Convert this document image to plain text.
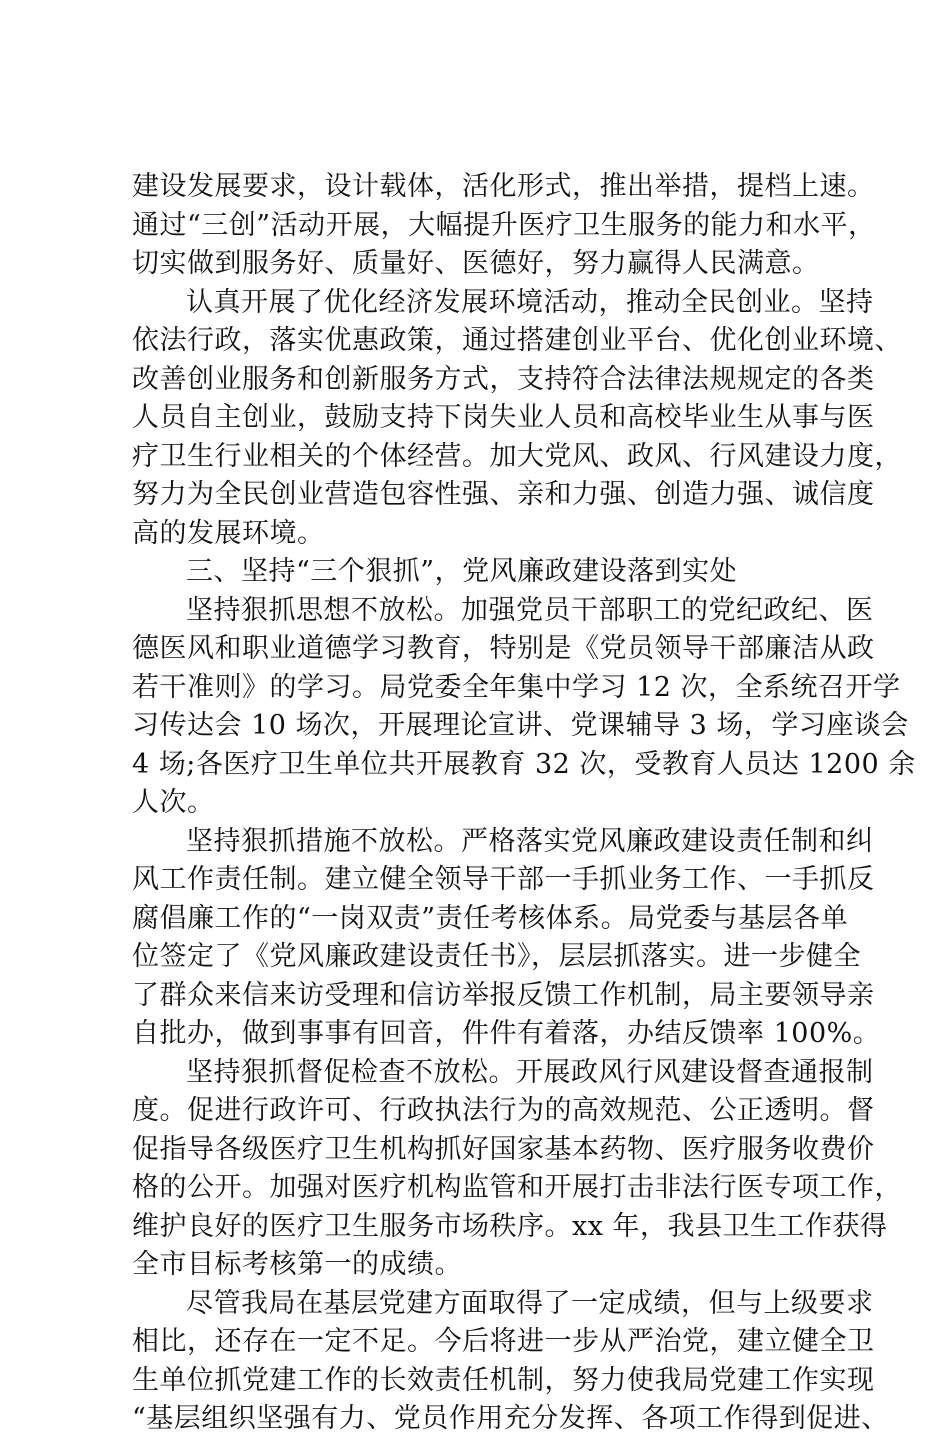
建设发展要求，设计载体，活化形式，推出举措，提档上速。
通过“三创”活动开展，大幅提升医疗卫生服务的能力和水平，
切实做到服务好、质量好、医德好，努力赢得人民满意。
认真开展了优化经济发展环境活动，推动全民创业。坚持
依法行政，落实优惠政策，通过搭建创业平台、优化创业环境、
改善创业服务和创新服务方式，支持符合法律法规规定的各类
人员自主创业，鼓励支持下岗失业人员和高校毕业生从事与医
疗卫生行业相关的个体经营。加大党风、政风、行风建设力度，
努力为全民创业营造包容性强、亲和力强、创造力强、诚信度
高的发展环境。
三、坚持“三个狠抓”，党风廉政建设落到实处
坚持狠抓思想不放松。加强党员干部职工的党纪政纪、医
德医风和职业道德学习教育，特别是《党员领导干部廉洁从政
若干准则》的学习。局党委全年集中学习 12 次，全系统召开学
习传达会 10 场次，开展理论宣讲、党课辅导 3 场，学习座谈会
4 场;各医疗卫生单位共开展教育 32 次，受教育人员达 1200 余
人次。
坚持狠抓措施不放松。严格落实党风廉政建设责任制和纠
风工作责任制。建立健全领导干部一手抓业务工作、一手抓反
腐倡廉工作的“一岗双责”责任考核体系。局党委与基层各单
位签定了《党风廉政建设责任书》，层层抓落实。进一步健全
了群众来信来访受理和信访举报反馈工作机制，局主要领导亲
自批办，做到事事有回音，件件有着落，办结反馈率 100%。
坚持狠抓督促检查不放松。开展政风行风建设督查通报制
度。促进行政许可、行政执法行为的高效规范、公正透明。督
促指导各级医疗卫生机构抓好国家基本药物、医疗服务收费价
格的公开。加强对医疗机构监管和开展打击非法行医专项工作，
维护良好的医疗卫生服务市场秩序。xx 年，我县卫生工作获得
全市目标考核第一的成绩。
尽管我局在基层党建方面取得了一定成绩，但与上级要求
相比，还存在一定不足。今后将进一步从严治党，建立健全卫
生单位抓党建工作的长效责任机制，努力使我局党建工作实现
“基层组织坚强有力、党员作用充分发挥、各项工作得到促进、
